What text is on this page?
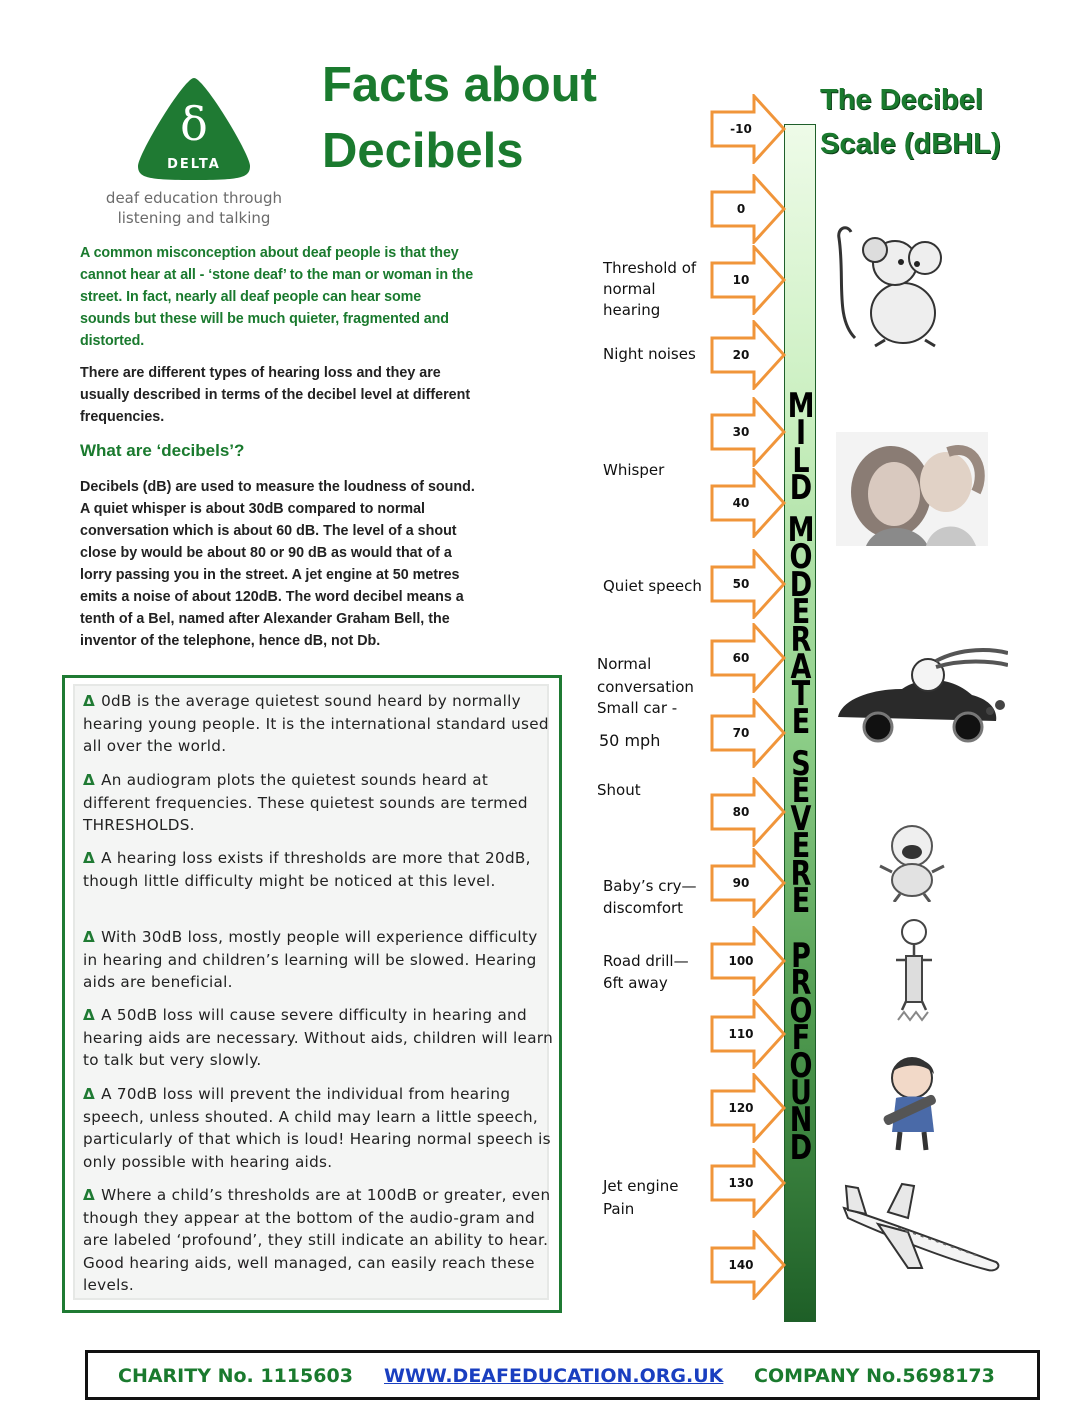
δ
DELTA
deaf education through
listening and talking
Facts about
Decibels
A common misconception about deaf people is that they cannot hear at all - ‘stone deaf’ to the man or woman in the street. In fact, nearly all deaf people can hear some sounds but these will be much quieter, fragmented and distorted.
There are different types of hearing loss and they are usually described in terms of the decibel level at different frequencies.
What are ‘decibels’?
Decibels (dB) are used to measure the loudness of sound. A quiet whisper is about 30dB compared to normal conversation which is about 60 dB. The level of a shout close by would be about 80 or 90 dB as would that of a lorry passing you in the street. A jet engine at 50 metres emits a noise of about 120dB. The word decibel means a tenth of a Bel, named after Alexander Graham Bell, the inventor of the telephone, hence dB, not Db.
Δ 0dB is the average quietest sound heard by normally hearing young people. It is the international standard used all over the world.
Δ An audiogram plots the quietest sounds heard at different frequencies. These quietest sounds are termed THRESHOLDS.
Δ A hearing loss exists if thresholds are more that 20dB, though little difficulty might be noticed at this level.
Δ With 30dB loss, mostly people will experience difficulty in hearing and children’s learning will be slowed. Hearing aids are beneficial.
Δ A 50dB loss will cause severe difficulty in hearing and hearing aids are necessary. Without aids, children will learn to talk but very slowly.
Δ A 70dB loss will prevent the individual from hearing speech, unless shouted. A child may learn a little speech, particularly of that which is loud! Hearing normal speech is only possible with hearing aids.
Δ Where a child’s thresholds are at 100dB or greater, even though they appear at the bottom of the audio-gram and are labeled ‘profound’, they still indicate an ability to hear. Good hearing aids, well managed, can easily reach these levels.
The Decibel
Scale (dBHL)
M
I
L
D
M
O
D
E
R
A
T
E
S
E
V
E
R
E
P
R
O
F
O
U
N
D
-10
0
10
20
30
40
50
60
70
80
90
100
110
120
130
140
Threshold of normal hearing
Night noises
Whisper
Quiet speech
Normal conversation
Small car -
50 mph
Shout
Baby’s cry—discomfort
Road drill—6ft away
Jet engine
Pain
CHARITY No. 1115603 WWW.DEAFEDUCATION.ORG.UK COMPANY No.5698173
